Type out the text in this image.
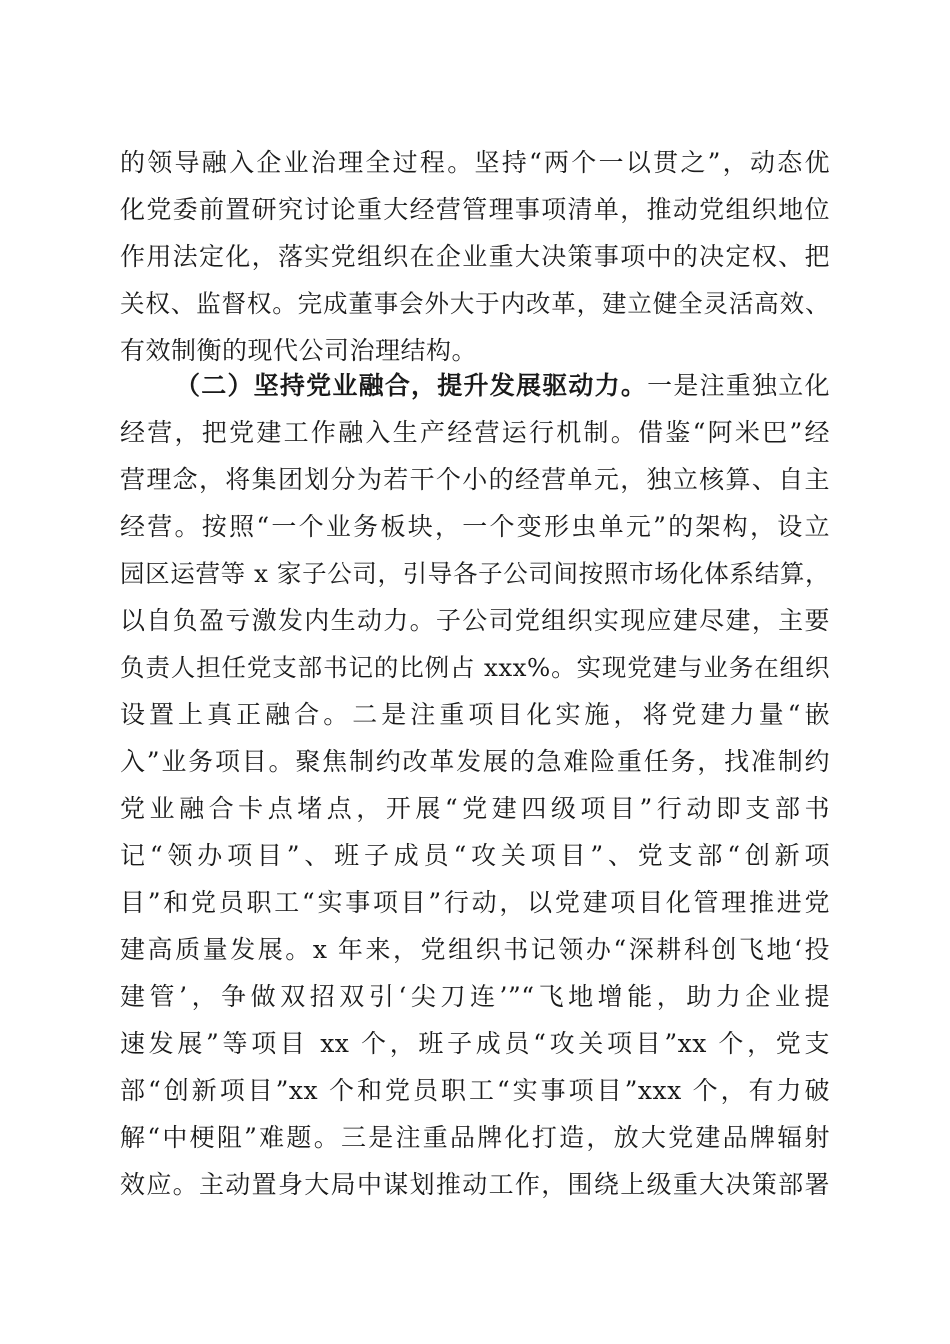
的领导融入企业治理全过程。坚持“两个一以贯之”，动态优
化党委前置研究讨论重大经营管理事项清单，推动党组织地位
作用法定化，落实党组织在企业重大决策事项中的决定权、把
关权、监督权。完成董事会外大于内改革，建立健全灵活高效、
有效制衡的现代公司治理结构。
（二）坚持党业融合，提升发展驱动力。一是注重独立化
经营，把党建工作融入生产经营运行机制。借鉴“阿米巴”经
营理念，将集团划分为若干个小的经营单元，独立核算、自主
经营。按照“一个业务板块，一个变形虫单元”的架构，设立
园区运营等 x 家子公司，引导各子公司间按照市场化体系结算，
以自负盈亏激发内生动力。子公司党组织实现应建尽建，主要
负责人担任党支部书记的比例占 xxx%。实现党建与业务在组织
设置上真正融合。二是注重项目化实施，将党建力量“嵌
入”业务项目。聚焦制约改革发展的急难险重任务，找准制约
党业融合卡点堵点，开展“党建四级项目”行动即支部书
记“领办项目”、班子成员“攻关项目”、党支部“创新项
目”和党员职工“实事项目”行动，以党建项目化管理推进党
建高质量发展。x 年来，党组织书记领办“深耕科创飞地‘投
建管’，争做双招双引‘尖刀连’”“飞地增能，助力企业提
速发展”等项目 xx 个，班子成员“攻关项目”xx 个，党支
部“创新项目”xx 个和党员职工“实事项目”xxx 个，有力破
解“中梗阻”难题。三是注重品牌化打造，放大党建品牌辐射
效应。主动置身大局中谋划推动工作，围绕上级重大决策部署
